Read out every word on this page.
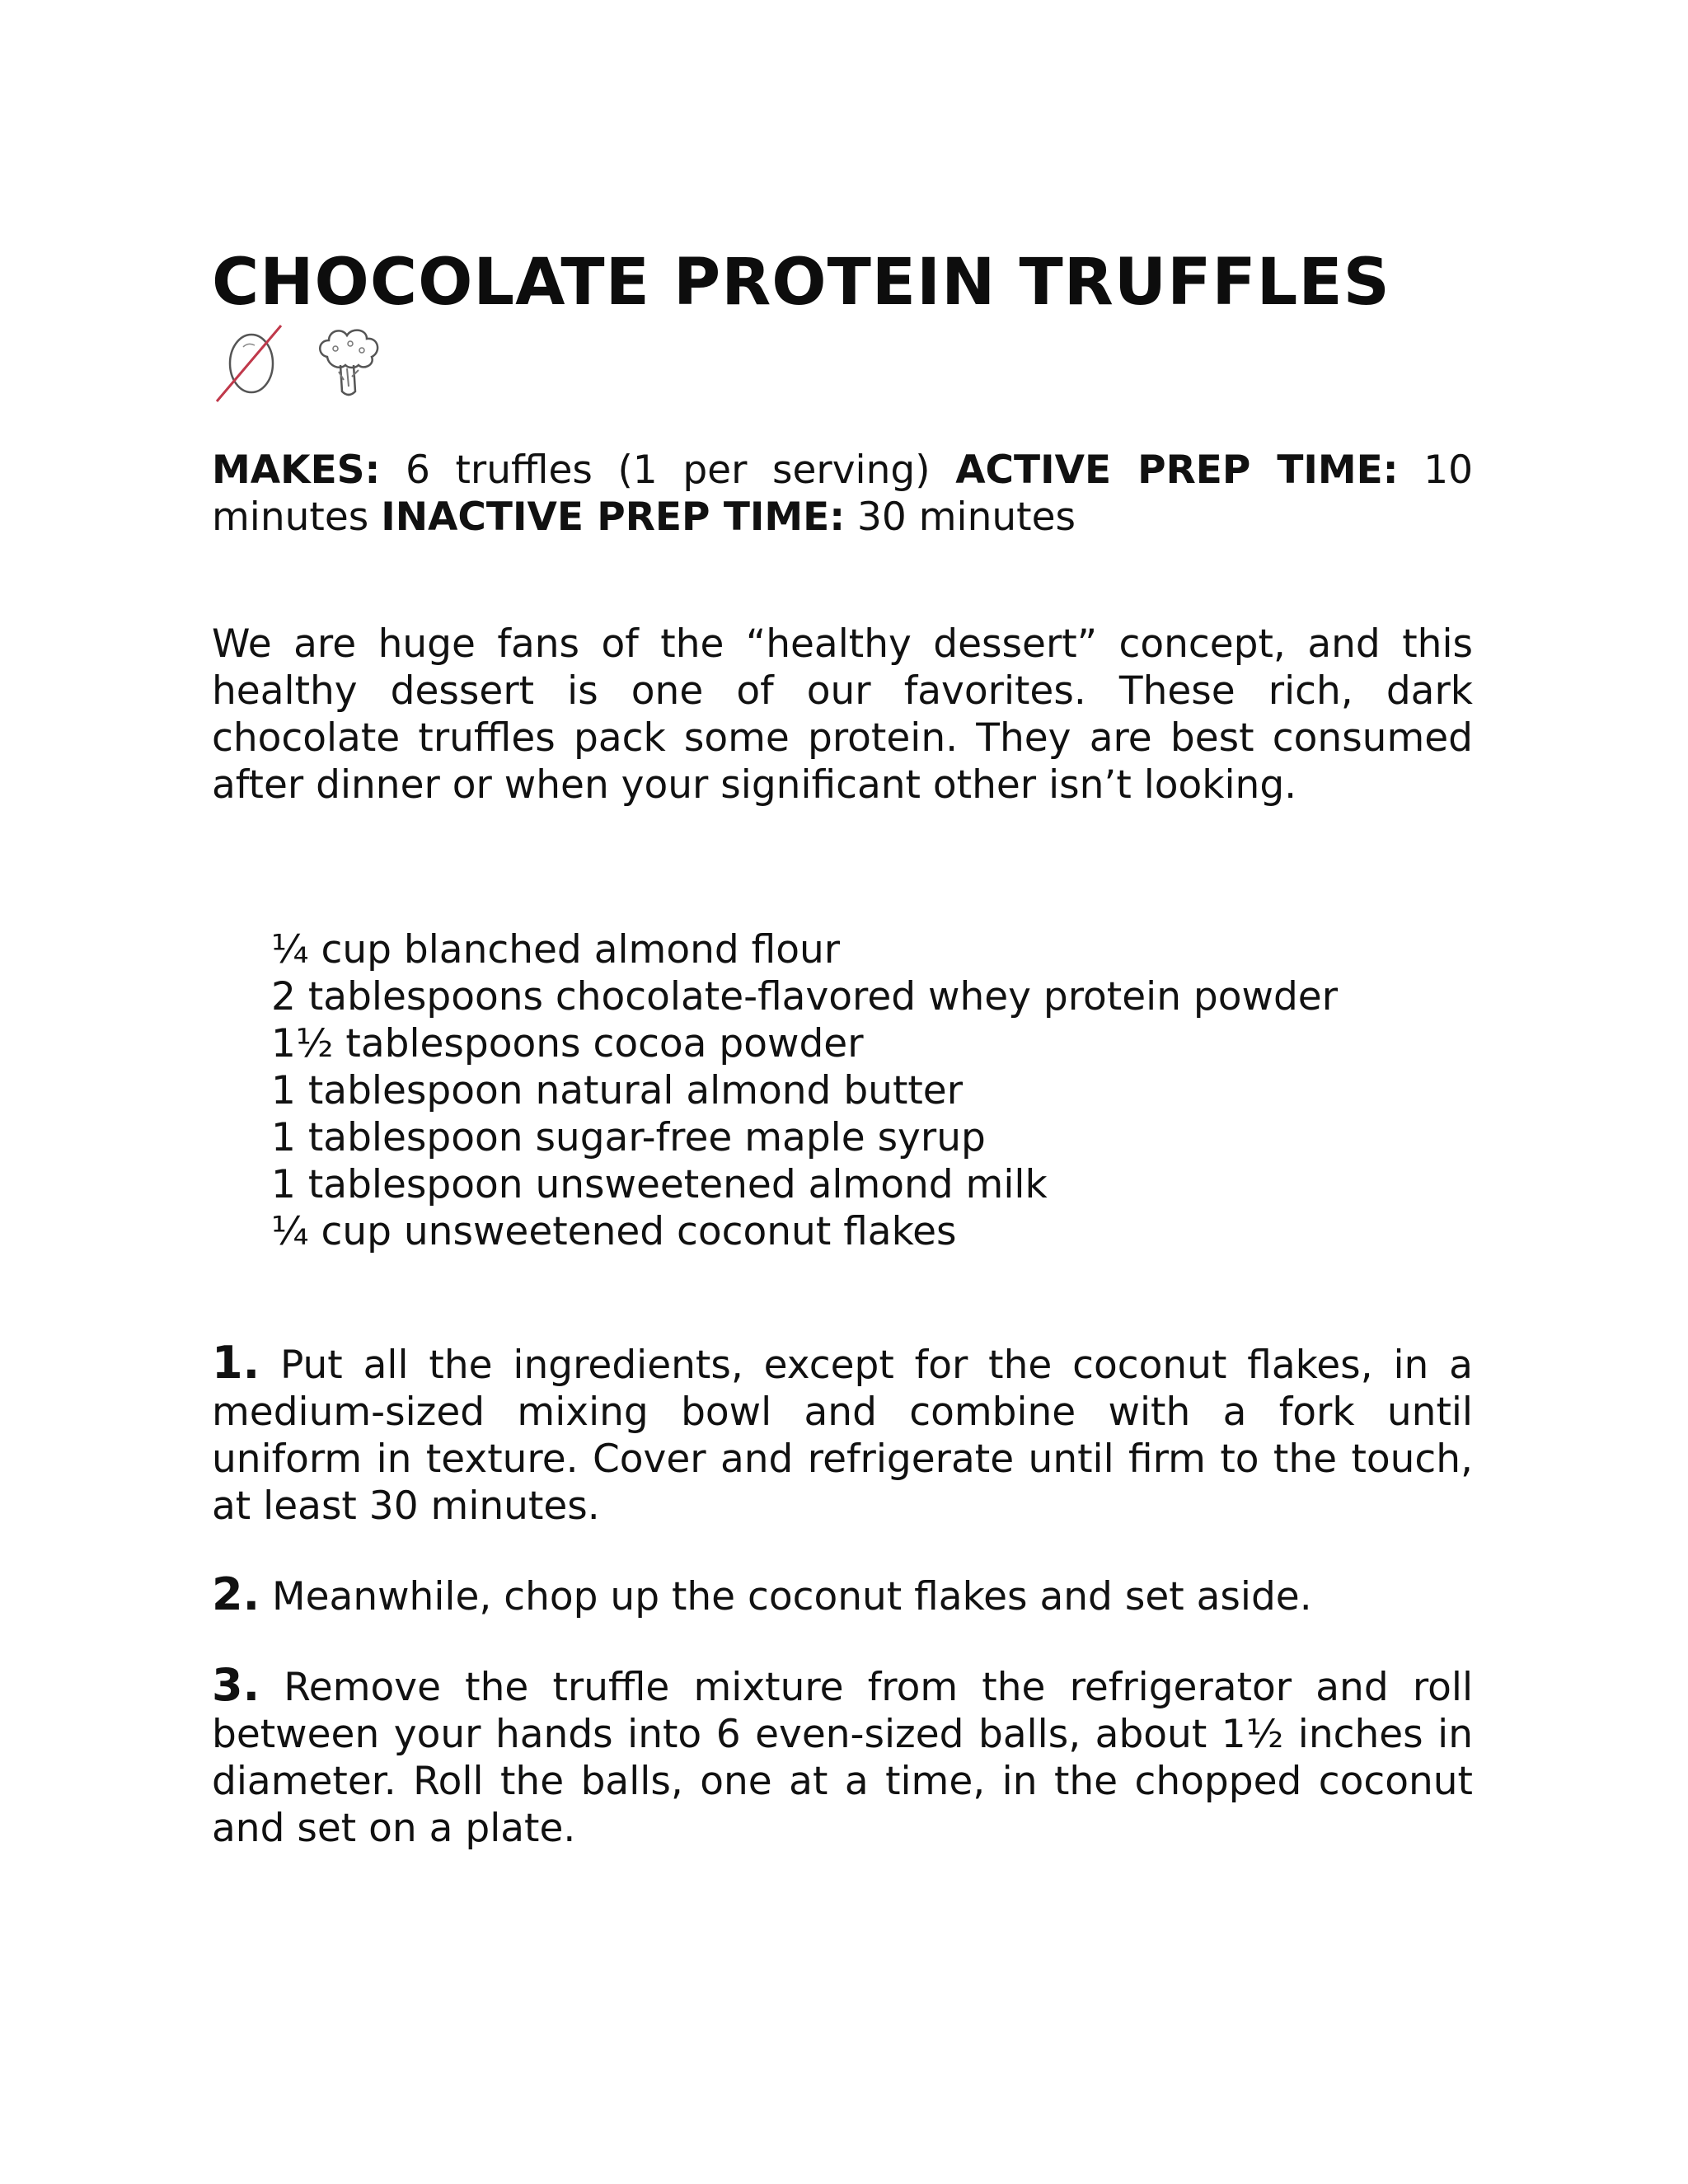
CHOCOLATE PROTEIN TRUFFLES

MAKES: 6 truffles (1 per serving) ACTIVE PREP TIME: 10 minutes INACTIVE PREP TIME: 30 minutes

We are huge fans of the “healthy dessert” concept, and this healthy dessert is one of our favorites. These rich, dark chocolate truffles pack some protein. They are best consumed after dinner or when your significant other isn’t looking.

¼ cup blanched almond flour
2 tablespoons chocolate-flavored whey protein powder
1½ tablespoons cocoa powder
1 tablespoon natural almond butter
1 tablespoon sugar-free maple syrup
1 tablespoon unsweetened almond milk
¼ cup unsweetened coconut flakes

1. Put all the ingredients, except for the coconut flakes, in a medium-sized mixing bowl and combine with a fork until uniform in texture. Cover and refrigerate until firm to the touch, at least 30 minutes.

2. Meanwhile, chop up the coconut flakes and set aside.

3. Remove the truffle mixture from the refrigerator and roll between your hands into 6 even-sized balls, about 1½ inches in diameter. Roll the balls, one at a time, in the chopped coconut and set on a plate.
